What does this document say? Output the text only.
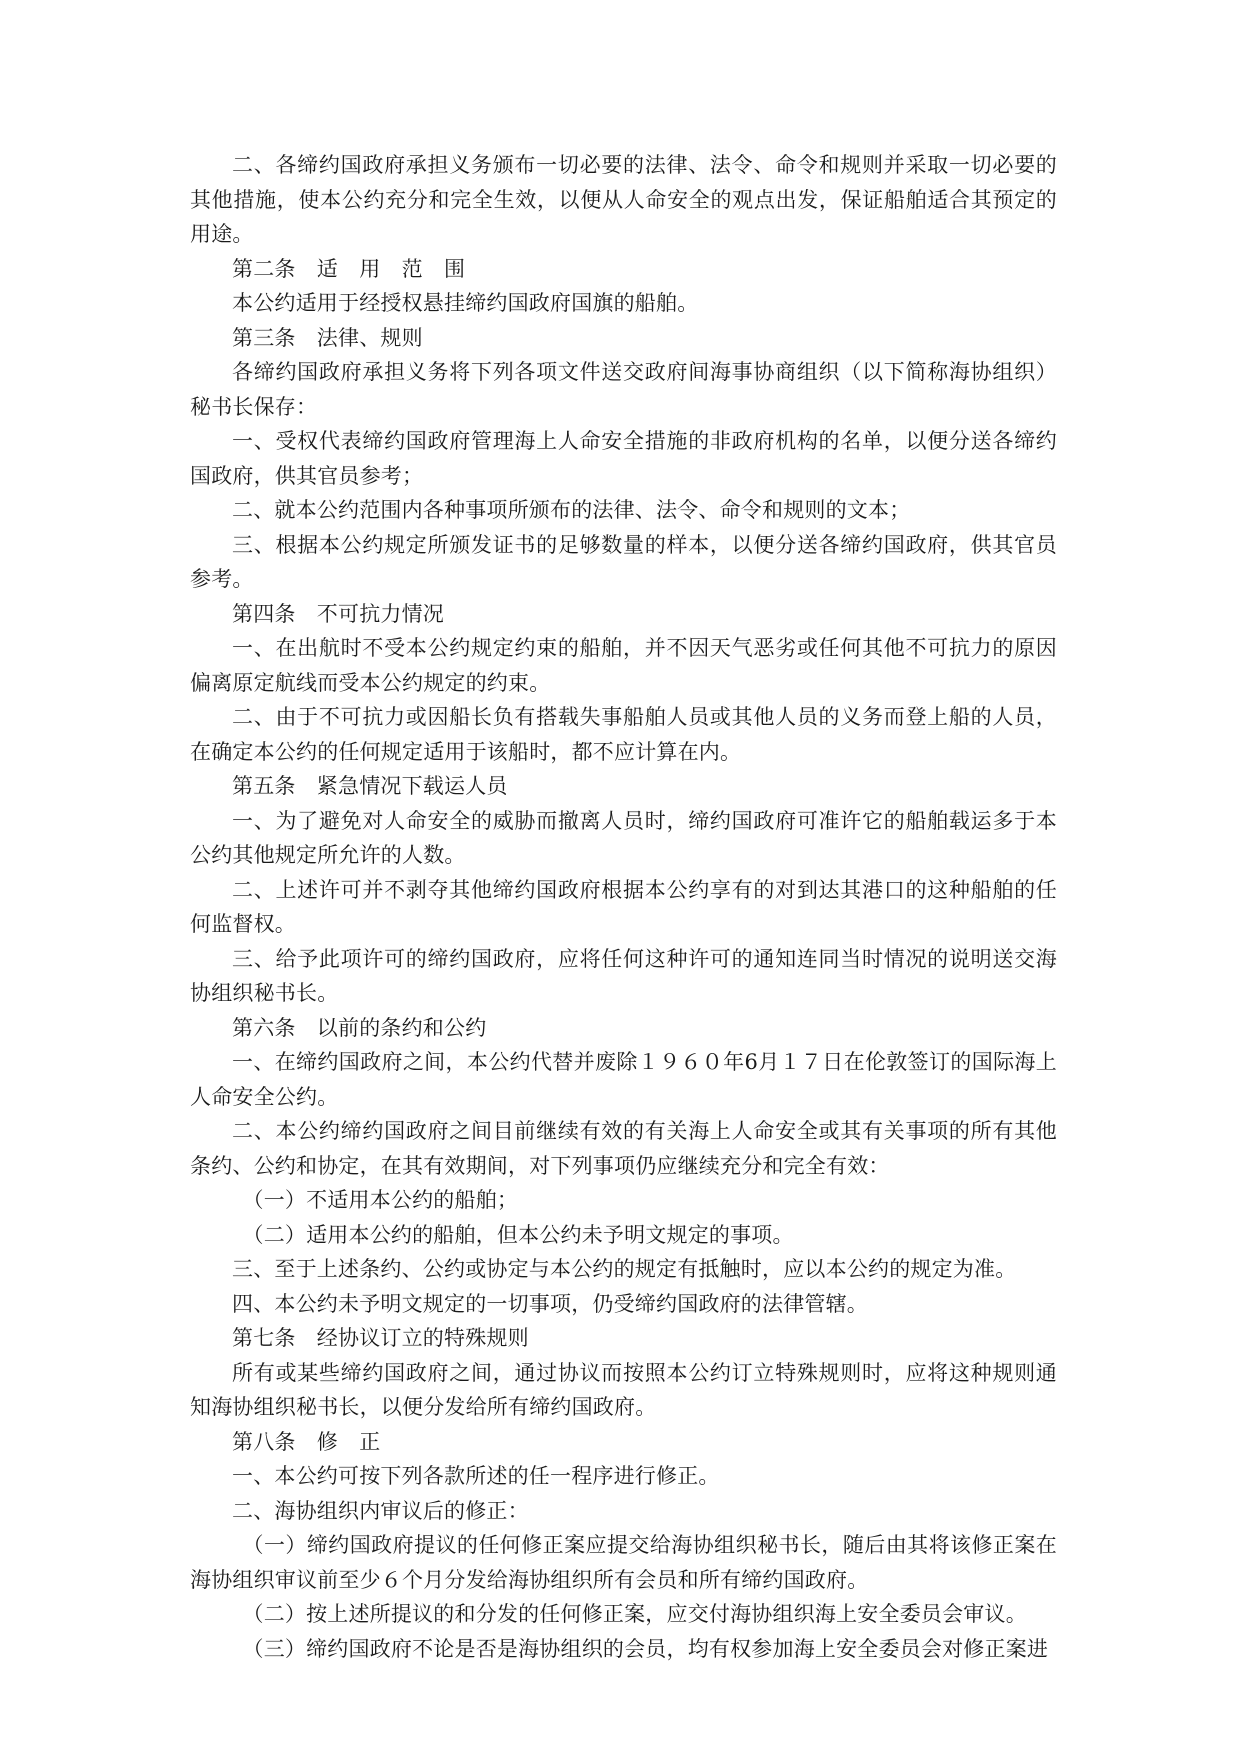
二、各缔约国政府承担义务颁布一切必要的法律、法令、命令和规则并采取一切必要的其他措施，使本公约充分和完全生效，以便从人命安全的观点出发，保证船舶适合其预定的用途。

第二条　适　用　范　围

本公约适用于经授权悬挂缔约国政府国旗的船舶。

第三条　法律、规则

各缔约国政府承担义务将下列各项文件送交政府间海事协商组织（以下简称海协组织）秘书长保存：

一、受权代表缔约国政府管理海上人命安全措施的非政府机构的名单，以便分送各缔约国政府，供其官员参考；

二、就本公约范围内各种事项所颁布的法律、法令、命令和规则的文本；

三、根据本公约规定所颁发证书的足够数量的样本，以便分送各缔约国政府，供其官员参考。

第四条　不可抗力情况

一、在出航时不受本公约规定约束的船舶，并不因天气恶劣或任何其他不可抗力的原因偏离原定航线而受本公约规定的约束。

二、由于不可抗力或因船长负有搭载失事船舶人员或其他人员的义务而登上船的人员，在确定本公约的任何规定适用于该船时，都不应计算在内。

第五条　紧急情况下载运人员

一、为了避免对人命安全的威胁而撤离人员时，缔约国政府可准许它的船舶载运多于本公约其他规定所允许的人数。

二、上述许可并不剥夺其他缔约国政府根据本公约享有的对到达其港口的这种船舶的任何监督权。

三、给予此项许可的缔约国政府，应将任何这种许可的通知连同当时情况的说明送交海协组织秘书长。

第六条　以前的条约和公约

一、在缔约国政府之间，本公约代替并废除１９６０年6月１７日在伦敦签订的国际海上人命安全公约。

二、本公约缔约国政府之间目前继续有效的有关海上人命安全或其有关事项的所有其他条约、公约和协定，在其有效期间，对下列事项仍应继续充分和完全有效：

（一）不适用本公约的船舶；

（二）适用本公约的船舶，但本公约未予明文规定的事项。

三、至于上述条约、公约或协定与本公约的规定有抵触时，应以本公约的规定为准。

四、本公约未予明文规定的一切事项，仍受缔约国政府的法律管辖。

第七条　经协议订立的特殊规则

所有或某些缔约国政府之间，通过协议而按照本公约订立特殊规则时，应将这种规则通知海协组织秘书长，以便分发给所有缔约国政府。

第八条　修　正

一、本公约可按下列各款所述的任一程序进行修正。

二、海协组织内审议后的修正：

（一）缔约国政府提议的任何修正案应提交给海协组织秘书长，随后由其将该修正案在海协组织审议前至少６个月分发给海协组织所有会员和所有缔约国政府。

（二）按上述所提议的和分发的任何修正案，应交付海协组织海上安全委员会审议。

（三）缔约国政府不论是否是海协组织的会员，均有权参加海上安全委员会对修正案进
